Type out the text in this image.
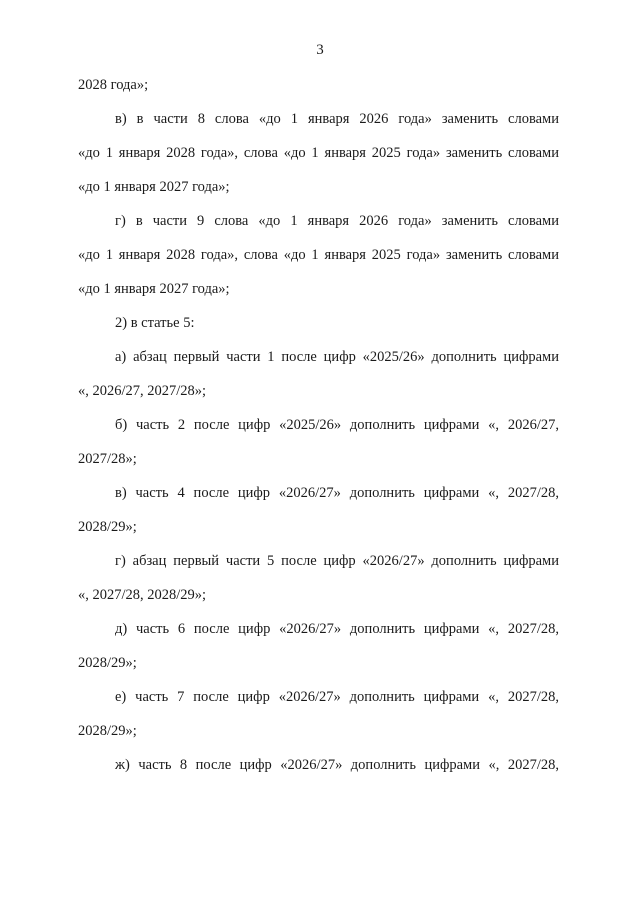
3
2028 года»;
в) в части 8 слова «до 1 января 2026 года» заменить словами
«до 1 января 2028 года», слова «до 1 января 2025 года» заменить словами
«до 1 января 2027 года»;
г) в части 9 слова «до 1 января 2026 года» заменить словами
«до 1 января 2028 года», слова «до 1 января 2025 года» заменить словами
«до 1 января 2027 года»;
2) в статье 5:
а) абзац первый части 1 после цифр «2025/26» дополнить цифрами
«, 2026/27, 2027/28»;
б) часть 2 после цифр «2025/26» дополнить цифрами «, 2026/27,
2027/28»;
в) часть 4 после цифр «2026/27» дополнить цифрами «, 2027/28,
2028/29»;
г) абзац первый части 5 после цифр «2026/27» дополнить цифрами
«, 2027/28, 2028/29»;
д) часть 6 после цифр «2026/27» дополнить цифрами «, 2027/28,
2028/29»;
е) часть 7 после цифр «2026/27» дополнить цифрами «, 2027/28,
2028/29»;
ж) часть 8 после цифр «2026/27» дополнить цифрами «, 2027/28,
